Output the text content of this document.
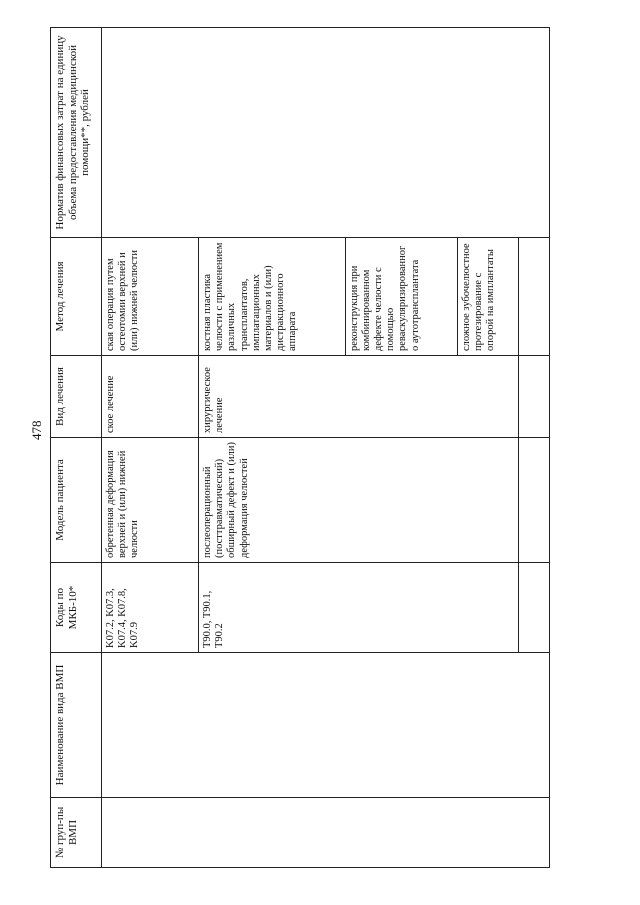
478
№ груп-пы ВМП	Наименование вида ВМП	Коды по МКБ-10*	Модель пациента	Вид лечения	Метод лечения	Норматив финансовых затрат на единицу объема предоставления медицинской помощи**, рублей
		K07.2, K07.3, K07.4, K07.8, K07.9	обретенная деформация верхней и (или) нижней челюсти	ское лечение	ская операция путем остеотомии верхней и (или) нижней челюсти	
		T90.0, T90.1, T90.2	послеоперационный (посттравматический) обширный дефект и (или) деформация челюстей	хирургическое лечение	костная пластика челюсти с применением различных трансплантатов, имплатационных материалов и (или) дистракционного аппарата	
					реконструкция при комбинированном дефекте челюсти с помощью реваскуляризированного аутотрансплантата	
					сложное зубочелюстное протезирование с опорой на имплантаты	
